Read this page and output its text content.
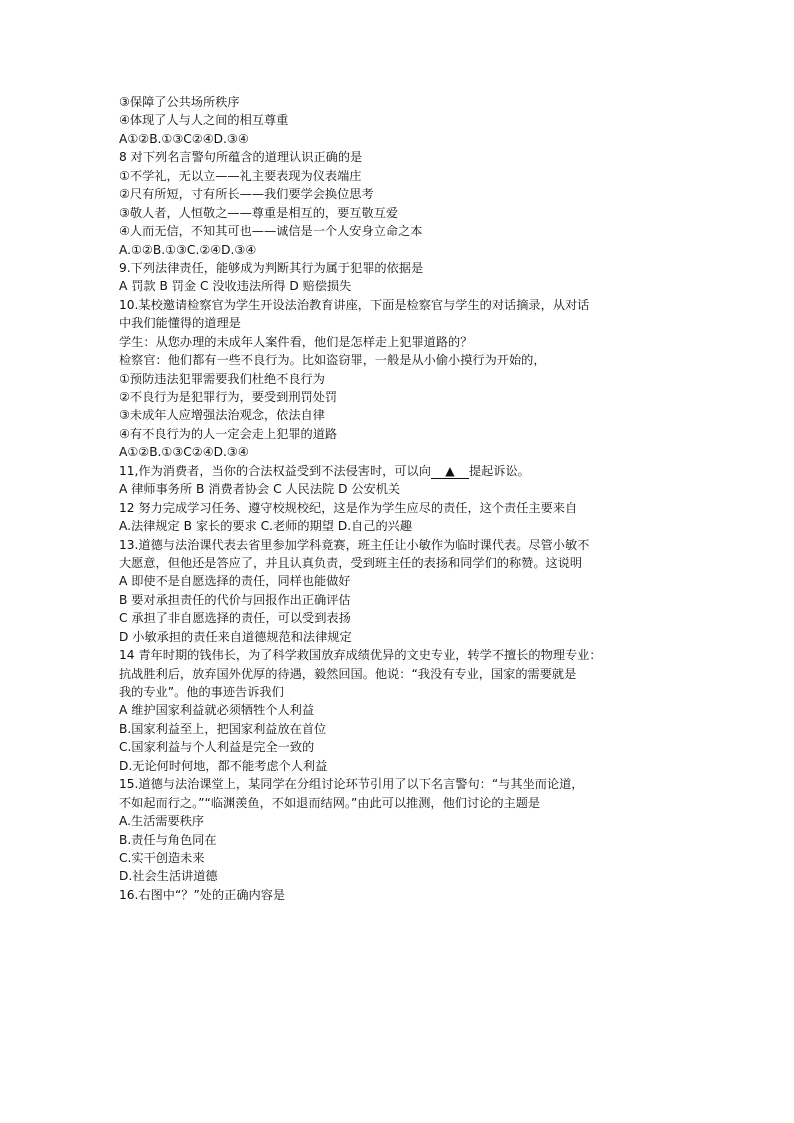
③保障了公共场所秩序
④体现了人与人之间的相互尊重
A①②B.①③C②④D.③④
8 对下列名言警句所蕴含的道理认识正确的是
①不学礼，无以立——礼主要表现为仪表端庄
②尺有所短，寸有所长——我们要学会换位思考
③敬人者，人恒敬之——尊重是相互的，要互敬互爱
④人而无信，不知其可也——诚信是一个人安身立命之本
A.①②B.①③C.②④D.③④
9.下列法律责任，能够成为判断其行为属于犯罪的依据是
A 罚款 B 罚金 C 没收违法所得 D 赔偿损失
10.某校邀请检察官为学生开设法治教育讲座，下面是检察官与学生的对话摘录，从对话
中我们能懂得的道理是
学生：从您办理的未成年人案件看，他们是怎样走上犯罪道路的？
检察官：他们都有一些不良行为。比如盗窃罪，一般是从小偷小摸行为开始的，
①预防违法犯罪需要我们杜绝不良行为
②不良行为是犯罪行为，要受到刑罚处罚
③未成年人应增强法治观念，依法自律
④有不良行为的人一定会走上犯罪的道路
A①②B.①③C②④D.③④
11,作为消费者，当你的合法权益受到不法侵害时，可以向 ▲ 提起诉讼。
A 律师事务所 B 消费者协会 C 人民法院 D 公安机关
12 努力完成学习任务、遵守校规校纪，这是作为学生应尽的责任，这个责任主要来自
A.法律规定 B 家长的要求 C.老师的期望 D.自己的兴趣
13.道德与法治课代表去省里参加学科竟赛，班主任让小敏作为临时课代表。尽管小敏不
大愿意，但他还是答应了，并且认真负责，受到班主任的表扬和同学们的称赞。这说明
A 即使不是自愿选择的责任，同样也能做好
B 要对承担责任的代价与回报作出正确评估
C 承担了非自愿选择的责任，可以受到表扬
D 小敏承担的责任来自道德规范和法律规定
14 青年时期的钱伟长，为了科学救国放弃成绩优异的文史专业，转学不擅长的物理专业：
抗战胜利后，放弃国外优厚的待遇，毅然回国。他说：“我没有专业，国家的需要就是
我的专业”。他的事迹告诉我们
A 维护国家利益就必须牺牲个人利益
B.国家利益至上，把国家利益放在首位
C.国家利益与个人利益是完全一致的
D.无论何时何地，都不能考虑个人利益
15.道德与法治课堂上，某同学在分组讨论环节引用了以下名言警句：“与其坐而论道，
不如起而行之。”“临渊羡鱼，不如退而结网。”由此可以推测，他们讨论的主题是
A.生活需要秩序
B.责任与角色同在
C.实干创造未来
D.社会生活讲道德
16.右图中“？”处的正确内容是
